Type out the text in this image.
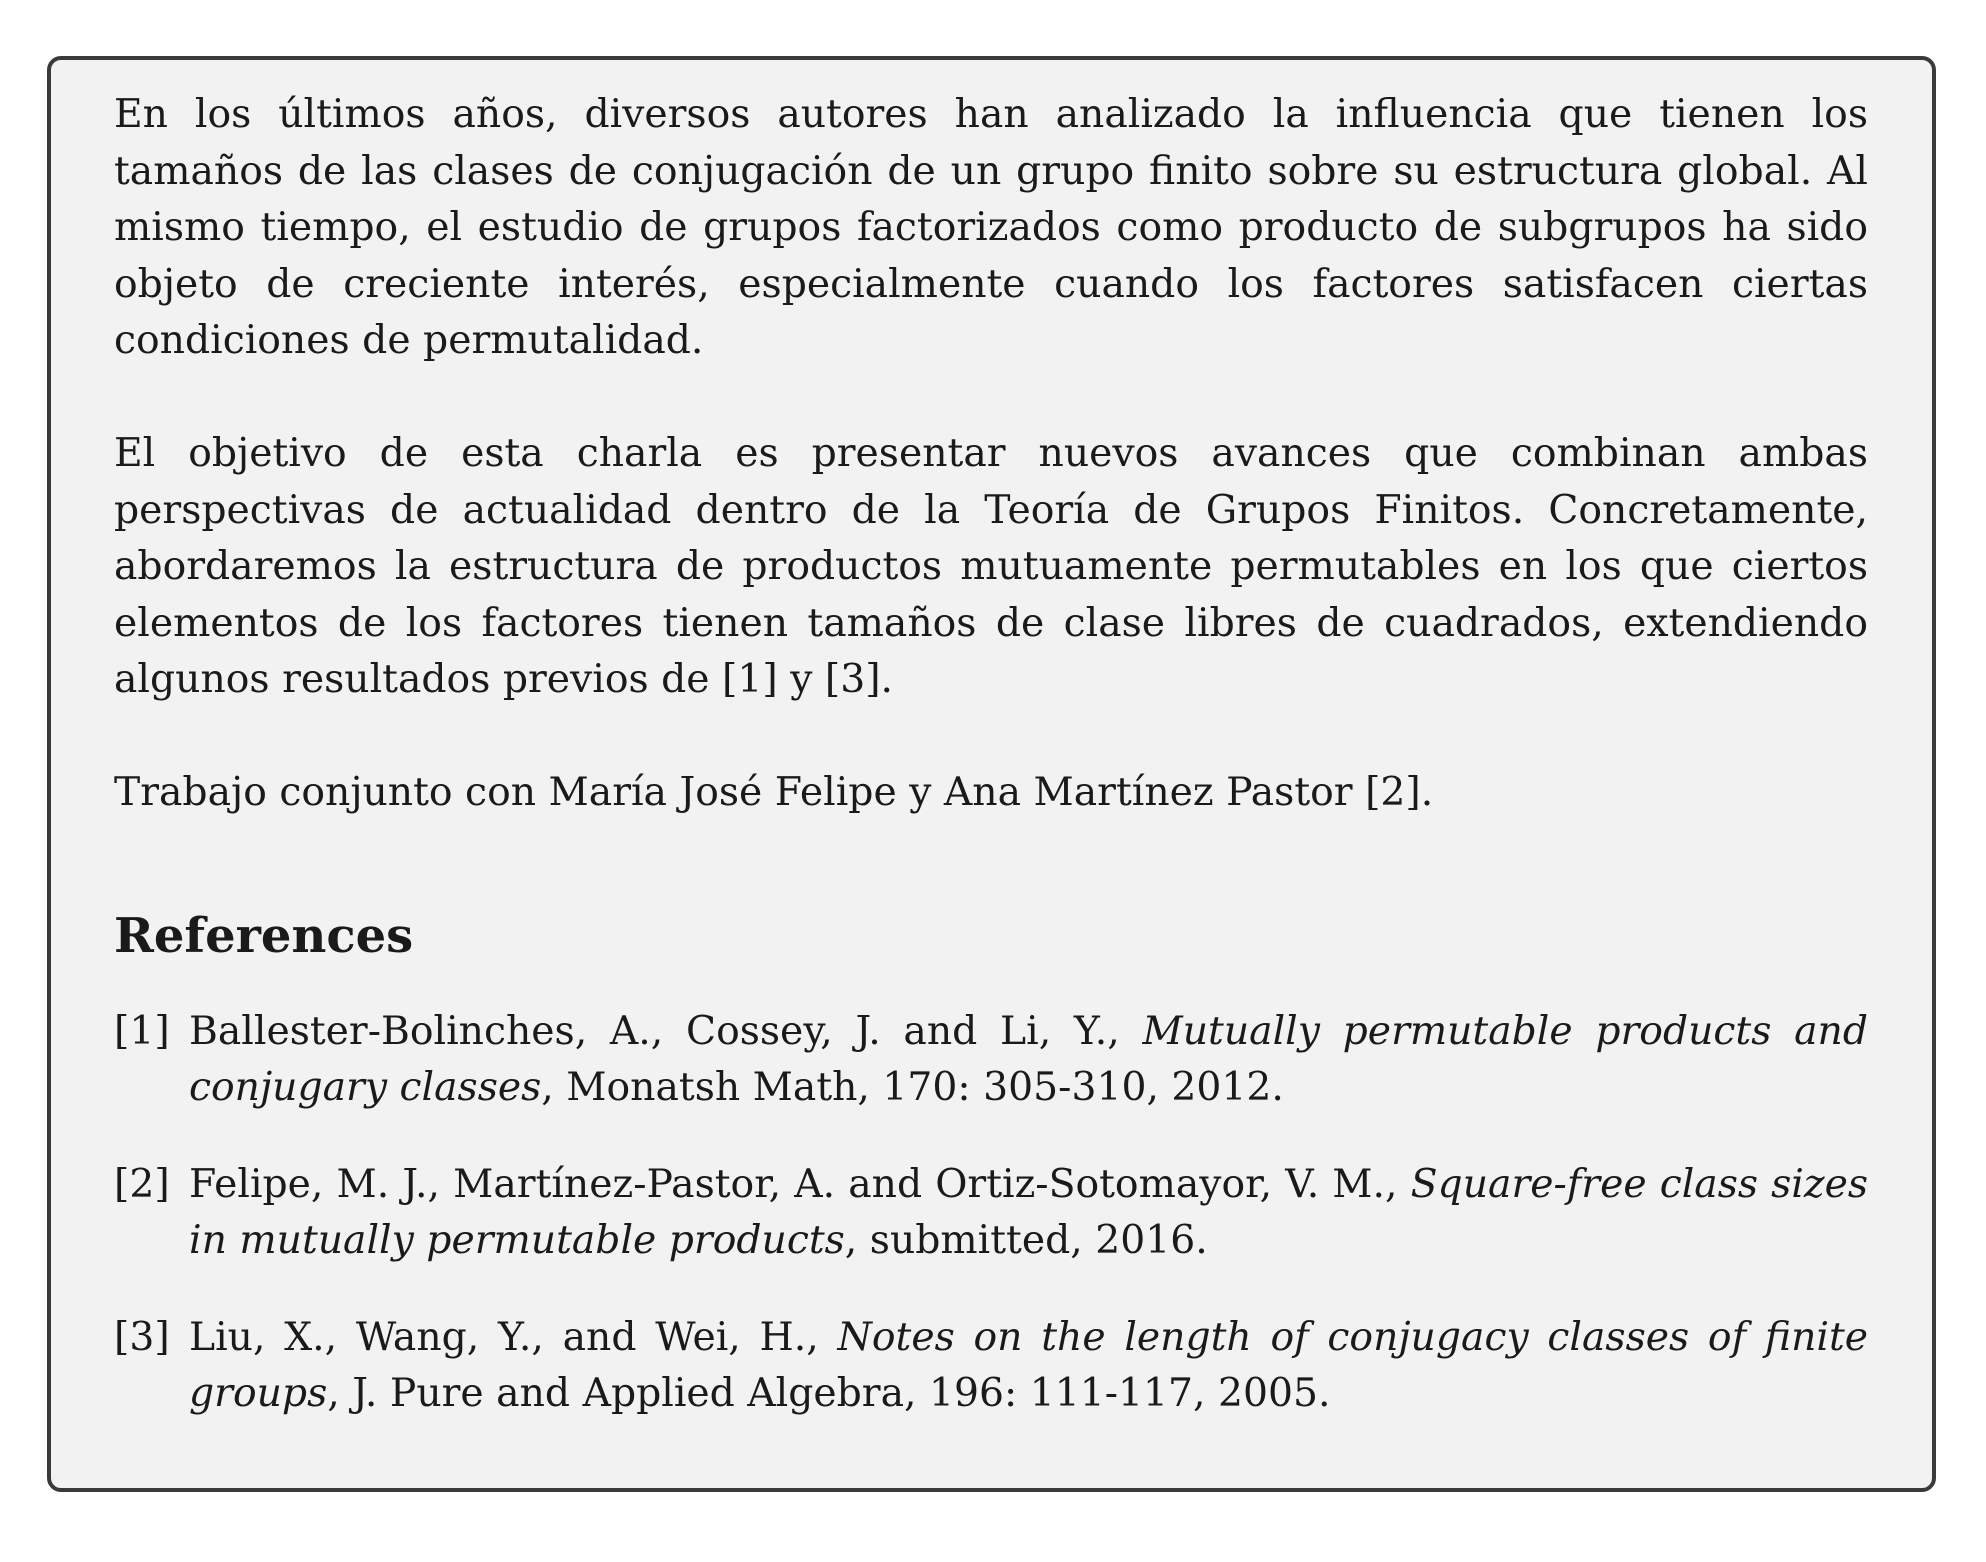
En los últimos años, diversos autores han analizado la influencia que tienen los tamaños de las clases de conjugación de un grupo finito sobre su estructura global. Al mismo tiempo, el estudio de grupos factorizados como producto de subgrupos ha sido objeto de creciente interés, especialmente cuando los factores satisfacen ciertas condiciones de permutalidad.

El objetivo de esta charla es presentar nuevos avances que combinan ambas perspectivas de actualidad dentro de la Teoría de Grupos Finitos. Concretamente, abordaremos la estructura de productos mutuamente permutables en los que ciertos elementos de los factores tienen tamaños de clase libres de cuadrados, extendiendo algunos resultados previos de [1] y [3].

Trabajo conjunto con María José Felipe y Ana Martínez Pastor [2].

References
[1] Ballester-Bolinches, A., Cossey, J. and Li, Y., Mutually permutable products and conjugary classes, Monatsh Math, 170: 305-310, 2012.
[2] Felipe, M. J., Martínez-Pastor, A. and Ortiz-Sotomayor, V. M., Square-free class sizes in mutually permutable products, submitted, 2016.
[3] Liu, X., Wang, Y., and Wei, H., Notes on the length of conjugacy classes of finite groups, J. Pure and Applied Algebra, 196: 111-117, 2005.
